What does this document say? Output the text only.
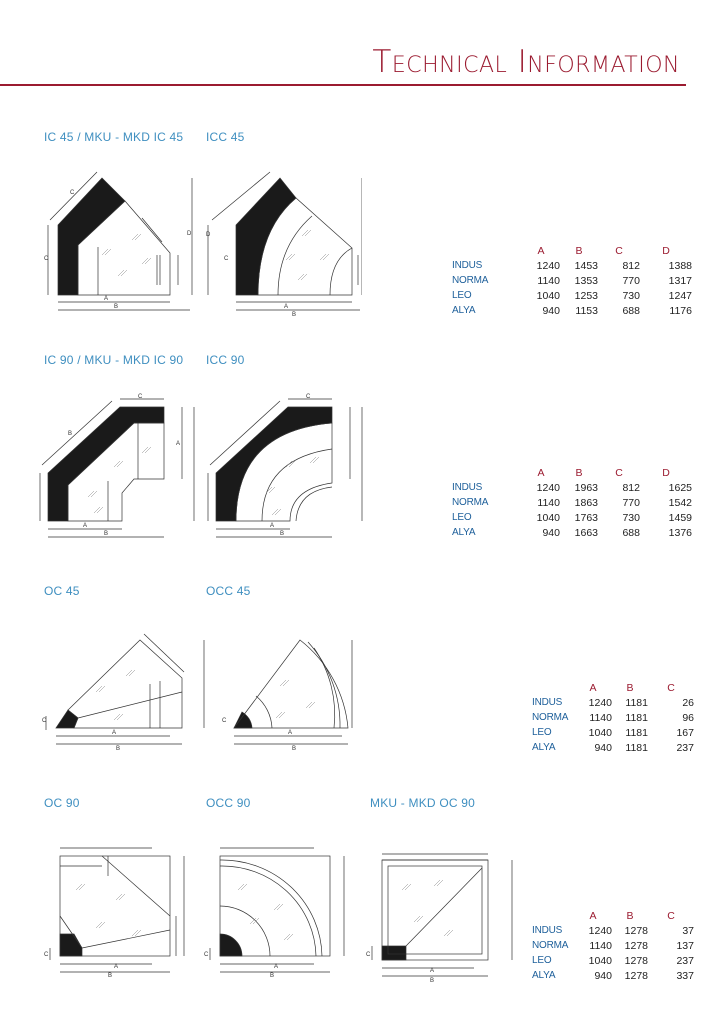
Technical Information
IC 45 / MKU - MKD IC 45 ICC 45
IC 90 / MKU - MKD IC 90 ICC 90
OC 45	OCC 45
OC 90	OCC 90	MKU - MKD OC 90
C
C
D
A
B
C
D
A
B
C
B
A
A
B
C
A
B
C
A
B
C
A
B
C
A
B
C
A
B
C
A
B
	A	B	C	D
INDUS	1240	1453	812	1388
NORMA	1140	1353	770	1317
LEO	1040	1253	730	1247
ALYA	940	1153	688	1176
	A	B	C	D
INDUS	1240	1963	812	1625
NORMA	1140	1863	770	1542
LEO	1040	1763	730	1459
ALYA	940	1663	688	1376
	A	B	C
INDUS	1240	1181	26
NORMA	1140	1181	96
LEO	1040	1181	167
ALYA	940	1181	237
	A	B	C
INDUS	1240	1278	37
NORMA	1140	1278	137
LEO	1040	1278	237
ALYA	940	1278	337
